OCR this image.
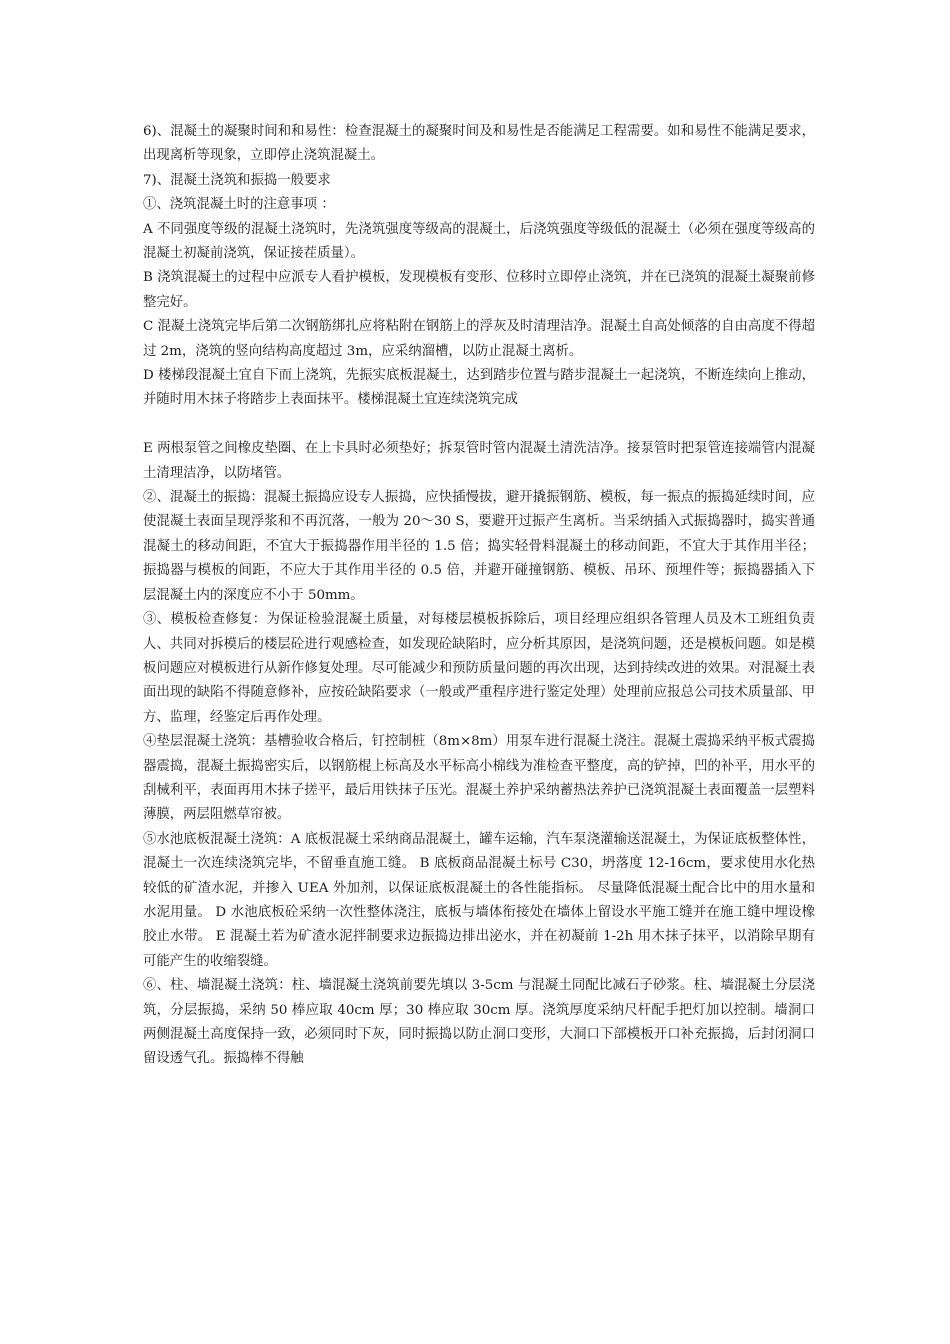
6)、混凝土的凝聚时间和和易性：检查混凝土的凝聚时间及和易性是否能满足工程需要。如和易性不能满足要求，出现离析等现象，立即停止浇筑混凝土。

7)、混凝土浇筑和振捣一般要求

①、浇筑混凝土时的注意事项 ：

A 不同强度等级的混凝土浇筑时，先浇筑强度等级高的混凝土，后浇筑强度等级低的混凝土（必须在强度等级高的混凝土初凝前浇筑，保证接茬质量）。

B 浇筑混凝土的过程中应派专人看护模板，发现模板有变形、位移时立即停止浇筑，并在已浇筑的混凝土凝聚前修整完好。

C 混凝土浇筑完毕后第二次钢筋绑扎应将粘附在钢筋上的浮灰及时清理洁净。混凝土自高处倾落的自由高度不得超过 2m，浇筑的竖向结构高度超过 3m，应采纳溜槽，以防止混凝土离析。

D 楼梯段混凝土宜自下而上浇筑，先振实底板混凝土，达到踏步位置与踏步混凝土一起浇筑，不断连续向上推动，并随时用木抹子将踏步上表面抹平。楼梯混凝土宜连续浇筑完成

E 两根泵管之间橡皮垫圈、在上卡具时必须垫好；拆泵管时管内混凝土清洗洁净。接泵管时把泵管连接端管内混凝土清理洁净，以防堵管。

②、混凝土的振捣：混凝土振捣应设专人振捣，应快插慢拔，避开撬振钢筋、模板，每一振点的振捣延续时间，应使混凝土表面呈现浮浆和不再沉落，一般为 20～30 S，要避开过振产生离析。当采纳插入式振捣器时，捣实普通混凝土的移动间距，不宜大于振捣器作用半径的 1.5 倍；捣实轻骨料混凝土的移动间距，不宜大于其作用半径；振捣器与模板的间距，不应大于其作用半径的 0.5 倍，并避开碰撞钢筋、模板、吊环、预埋件等；振捣器插入下层混凝土内的深度应不小于 50mm。

③、模板检查修复：为保证检验混凝土质量，对每楼层模板拆除后，项目经理应组织各管理人员及木工班组负责人、共同对拆模后的楼层砼进行观感检查，如发现砼缺陷时，应分析其原因，是浇筑问题，还是模板问题。如是模板问题应对模板进行从新作修复处理。尽可能减少和预防质量问题的再次出现，达到持续改进的效果。对混凝土表面出现的缺陷不得随意修补，应按砼缺陷要求（一般或严重程序进行鉴定处理）处理前应报总公司技术质量部、甲方、监理，经鉴定后再作处理。

④垫层混凝土浇筑：基槽验收合格后，钉控制桩（8m×8m）用泵车进行混凝土浇注。混凝土震捣采纳平板式震捣器震捣，混凝土振捣密实后，以钢筋棍上标高及水平标高小棉线为准检查平整度，高的铲掉，凹的补平，用水平的刮械利平，表面再用木抹子搓平，最后用铁抹子压光。混凝土养护采纳蓄热法养护已浇筑混凝土表面覆盖一层塑料薄膜，两层阻燃草帘被。

⑤水池底板混凝土浇筑：A 底板混凝土采纳商品混凝土，罐车运输，汽车泵浇灌输送混凝土，为保证底板整体性，混凝土一次连续浇筑完毕，不留垂直施工缝。 B 底板商品混凝土标号 C30，坍落度 12-16cm，要求使用水化热较低的矿渣水泥，并掺入 UEA 外加剂，以保证底板混凝土的各性能指标。 尽量降低混凝土配合比中的用水量和水泥用量。 D 水池底板砼采纳一次性整体浇注，底板与墙体衔接处在墙体上留设水平施工缝并在施工缝中埋设橡胶止水带。 E 混凝土若为矿渣水泥拌制要求边振捣边排出泌水，并在初凝前 1-2h 用木抹子抹平，以消除早期有可能产生的收缩裂缝。

⑥、柱、墙混凝土浇筑：柱、墙混凝土浇筑前要先填以 3-5cm 与混凝土同配比减石子砂浆。柱、墙混凝土分层浇筑，分层振捣，采纳 50 棒应取 40cm 厚；30 棒应取 30cm 厚。浇筑厚度采纳尺杆配手把灯加以控制。墙洞口两侧混凝土高度保持一致，必须同时下灰，同时振捣以防止洞口变形，大洞口下部模板开口补充振捣，后封闭洞口留设透气孔。振捣棒不得触
